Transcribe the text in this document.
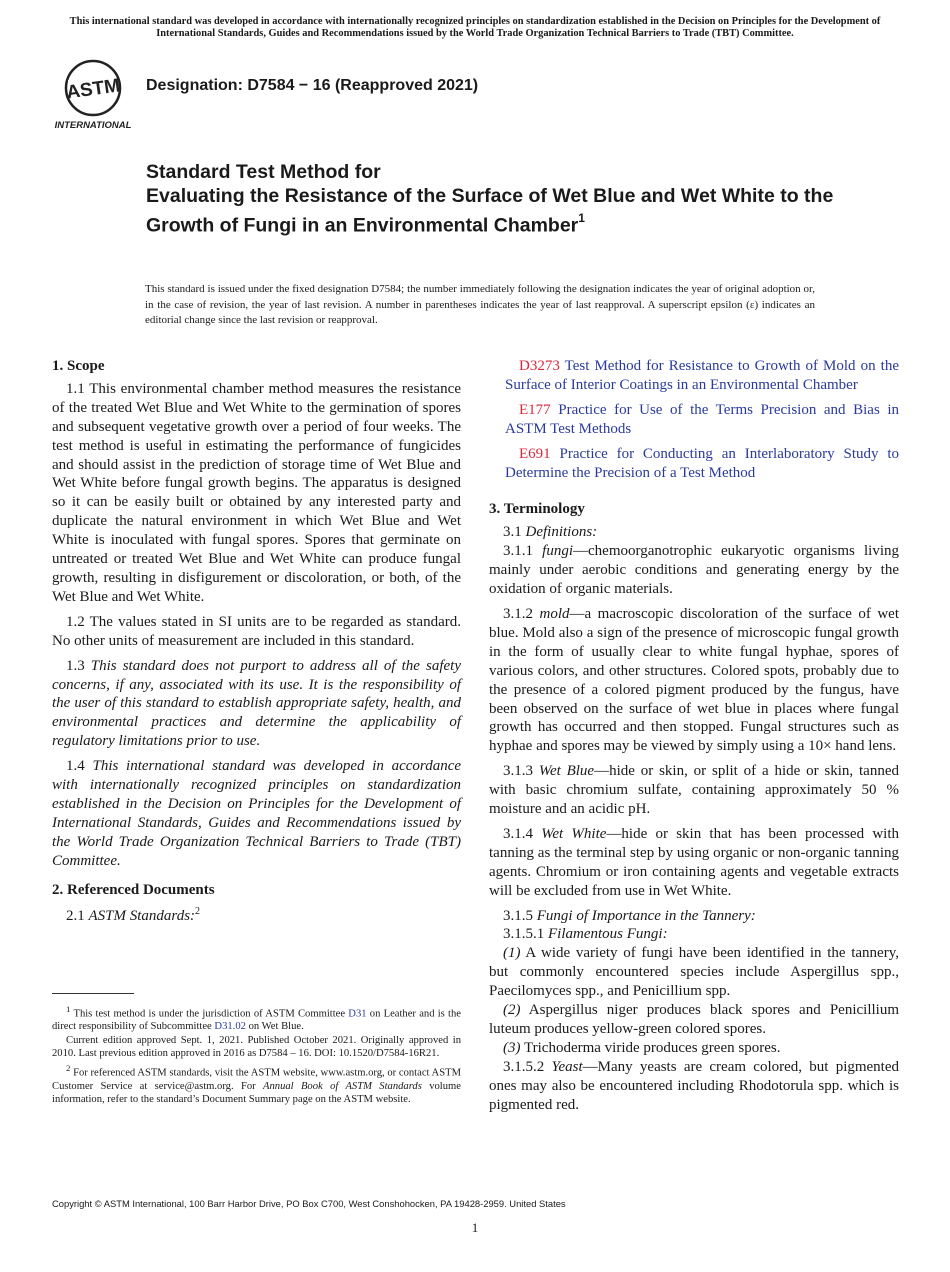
This international standard was developed in accordance with internationally recognized principles on standardization established in the Decision on Principles for the Development of International Standards, Guides and Recommendations issued by the World Trade Organization Technical Barriers to Trade (TBT) Committee.
ASTM
INTERNATIONAL
Designation: D7584 − 16 (Reapproved 2021)
Standard Test Method for
Evaluating the Resistance of the Surface of Wet Blue and Wet White to the Growth of Fungi in an Environmental Chamber$^1$
This standard is issued under the fixed designation D7584; the number immediately following the designation indicates the year of original adoption or, in the case of revision, the year of last revision. A number in parentheses indicates the year of last reapproval. A superscript epsilon (ε) indicates an editorial change since the last revision or reapproval.
1. Scope

1.1 This environmental chamber method measures the resistance of the treated Wet Blue and Wet White to the germination of spores and subsequent vegetative growth over a period of four weeks. The test method is useful in estimating the performance of fungicides and should assist in the prediction of storage time of Wet Blue and Wet White before fungal growth begins. The apparatus is designed so it can be easily built or obtained by any interested party and duplicate the natural environment in which Wet Blue and Wet White is inoculated with fungal spores. Spores that germinate on untreated or treated Wet Blue and Wet White can produce fungal growth, resulting in disfigurement or discoloration, or both, of the Wet Blue and Wet White.

1.2 The values stated in SI units are to be regarded as standard. No other units of measurement are included in this standard.

1.3 This standard does not purport to address all of the safety concerns, if any, associated with its use. It is the responsibility of the user of this standard to establish appropriate safety, health, and environmental practices and determine the applicability of regulatory limitations prior to use.

1.4 This international standard was developed in accordance with internationally recognized principles on standardization established in the Decision on Principles for the Development of International Standards, Guides and Recommendations issued by the World Trade Organization Technical Barriers to Trade (TBT) Committee.

2. Referenced Documents

2.1 ASTM Standards:$^2$

D3273 Test Method for Resistance to Growth of Mold on the Surface of Interior Coatings in an Environmental Chamber

E177 Practice for Use of the Terms Precision and Bias in ASTM Test Methods

E691 Practice for Conducting an Interlaboratory Study to Determine the Precision of a Test Method

3. Terminology

3.1 Definitions:

3.1.1 fungi—chemoorganotrophic eukaryotic organisms living mainly under aerobic conditions and generating energy by the oxidation of organic materials.

3.1.2 mold—a macroscopic discoloration of the surface of wet blue. Mold also a sign of the presence of microscopic fungal growth in the form of usually clear to white fungal hyphae, spores of various colors, and other structures. Colored spots, probably due to the presence of a colored pigment produced by the fungus, have been observed on the surface of wet blue in places where fungal growth has occurred and then stopped. Fungal structures such as hyphae and spores may be viewed by simply using a 10× hand lens.

3.1.3 Wet Blue—hide or skin, or split of a hide or skin, tanned with basic chromium sulfate, containing approximately 50 % moisture and an acidic pH.

3.1.4 Wet White—hide or skin that has been processed with tanning as the terminal step by using organic or non-organic tanning agents. Chromium or iron containing agents and vegetable extracts will be excluded from use in Wet White.

3.1.5 Fungi of Importance in the Tannery:

3.1.5.1 Filamentous Fungi:

(1) A wide variety of fungi have been identified in the tannery, but commonly encountered species include Aspergillus spp., Paecilomyces spp., and Penicillium spp.

(2) Aspergillus niger produces black spores and Penicillium luteum produces yellow-green colored spores.

(3) Trichoderma viride produces green spores.

3.1.5.2 Yeast—Many yeasts are cream colored, but pigmented ones may also be encountered including Rhodotorula spp. which is pigmented red.

$^1$ This test method is under the jurisdiction of ASTM Committee D31 on Leather and is the direct responsibility of Subcommittee D31.02 on Wet Blue.

Current edition approved Sept. 1, 2021. Published October 2021. Originally approved in 2010. Last previous edition approved in 2016 as D7584 – 16. DOI: 10.1520/D7584-16R21.

$^2$ For referenced ASTM standards, visit the ASTM website, www.astm.org, or contact ASTM Customer Service at service@astm.org. For Annual Book of ASTM Standards volume information, refer to the standard’s Document Summary page on the ASTM website.

Copyright © ASTM International, 100 Barr Harbor Drive, PO Box C700, West Conshohocken, PA 19428-2959. United States
1
